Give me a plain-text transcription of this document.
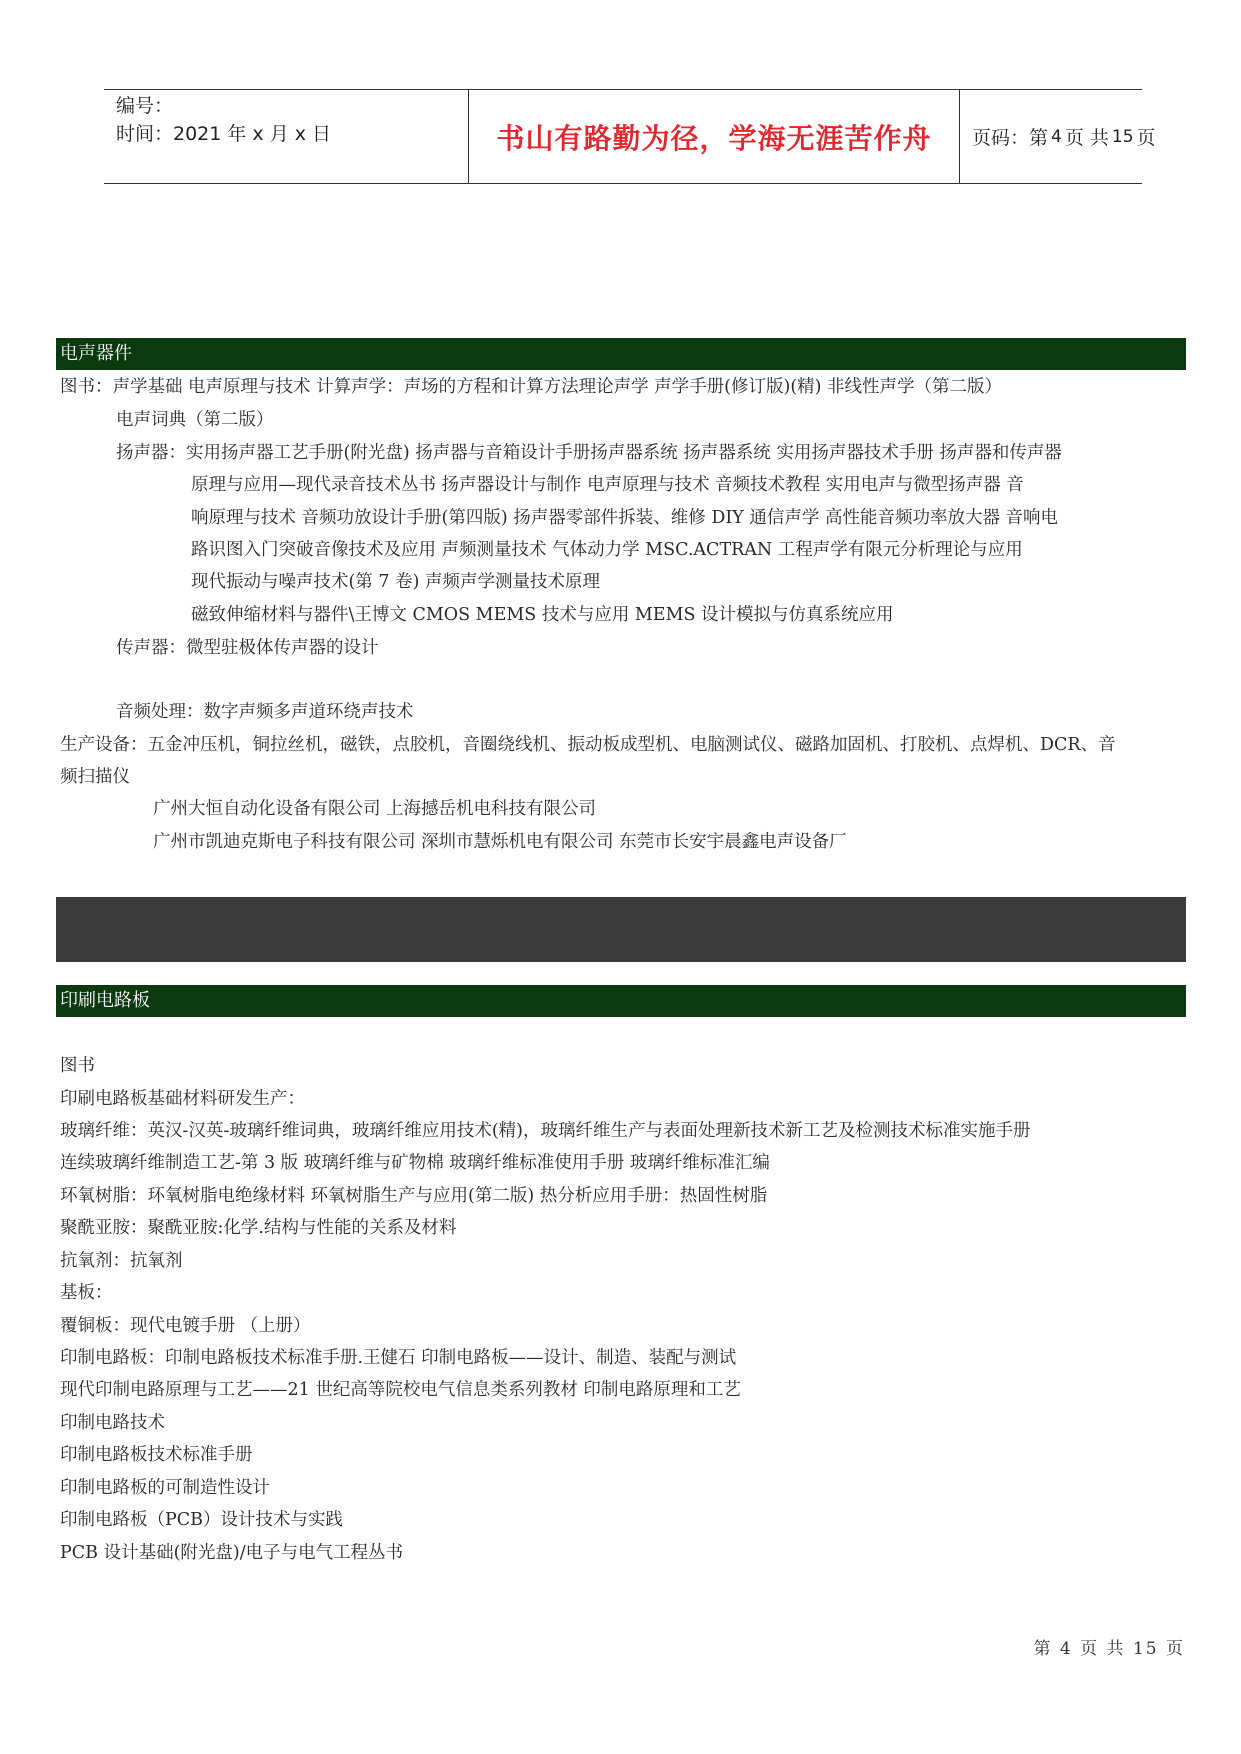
编号：
时间：2021 年 x 月 x 日	书山有路勤为径，学海无涯苦作舟	页码：第 4 页 共 15 页
电声器件
图书：声学基础 电声原理与技术 计算声学：声场的方程和计算方法理论声学 声学手册(修订版)(精) 非线性声学（第二版）
电声词典（第二版）
扬声器：实用扬声器工艺手册(附光盘) 扬声器与音箱设计手册扬声器系统 扬声器系统 实用扬声器技术手册 扬声器和传声器
原理与应用—现代录音技术丛书 扬声器设计与制作 电声原理与技术 音频技术教程 实用电声与微型扬声器 音
响原理与技术 音频功放设计手册(第四版) 扬声器零部件拆装、维修 DIY 通信声学 高性能音频功率放大器 音响电
路识图入门突破音像技术及应用 声频测量技术 气体动力学 MSC.ACTRAN 工程声学有限元分析理论与应用
现代振动与噪声技术(第 7 卷) 声频声学测量技术原理
磁致伸缩材料与器件\王博文 CMOS MEMS 技术与应用 MEMS 设计模拟与仿真系统应用
传声器：微型驻极体传声器的设计
音频处理：数字声频多声道环绕声技术
生产设备：五金冲压机，铜拉丝机，磁铁，点胶机，音圈绕线机、振动板成型机、电脑测试仪、磁路加固机、打胶机、点焊机、DCR、音
频扫描仪
广州大恒自动化设备有限公司 上海撼岳机电科技有限公司
广州市凯迪克斯电子科技有限公司 深圳市慧烁机电有限公司 东莞市长安宇晨鑫电声设备厂
印刷电路板
图书
印刷电路板基础材料研发生产：
玻璃纤维：英汉-汉英-玻璃纤维词典，玻璃纤维应用技术(精)，玻璃纤维生产与表面处理新技术新工艺及检测技术标准实施手册
连续玻璃纤维制造工艺-第 3 版 玻璃纤维与矿物棉 玻璃纤维标准使用手册 玻璃纤维标准汇编
环氧树脂：环氧树脂电绝缘材料 环氧树脂生产与应用(第二版) 热分析应用手册：热固性树脂
聚酰亚胺：聚酰亚胺:化学.结构与性能的关系及材料
抗氧剂：抗氧剂
基板：
覆铜板：现代电镀手册 （上册）
印制电路板：印制电路板技术标准手册.王健石 印制电路板——设计、制造、装配与测试
现代印制电路原理与工艺——21 世纪高等院校电气信息类系列教材 印制电路原理和工艺
印制电路技术
印制电路板技术标准手册
印制电路板的可制造性设计
印制电路板（PCB）设计技术与实践
PCB 设计基础(附光盘)/电子与电气工程丛书
第 4 页 共 15 页
